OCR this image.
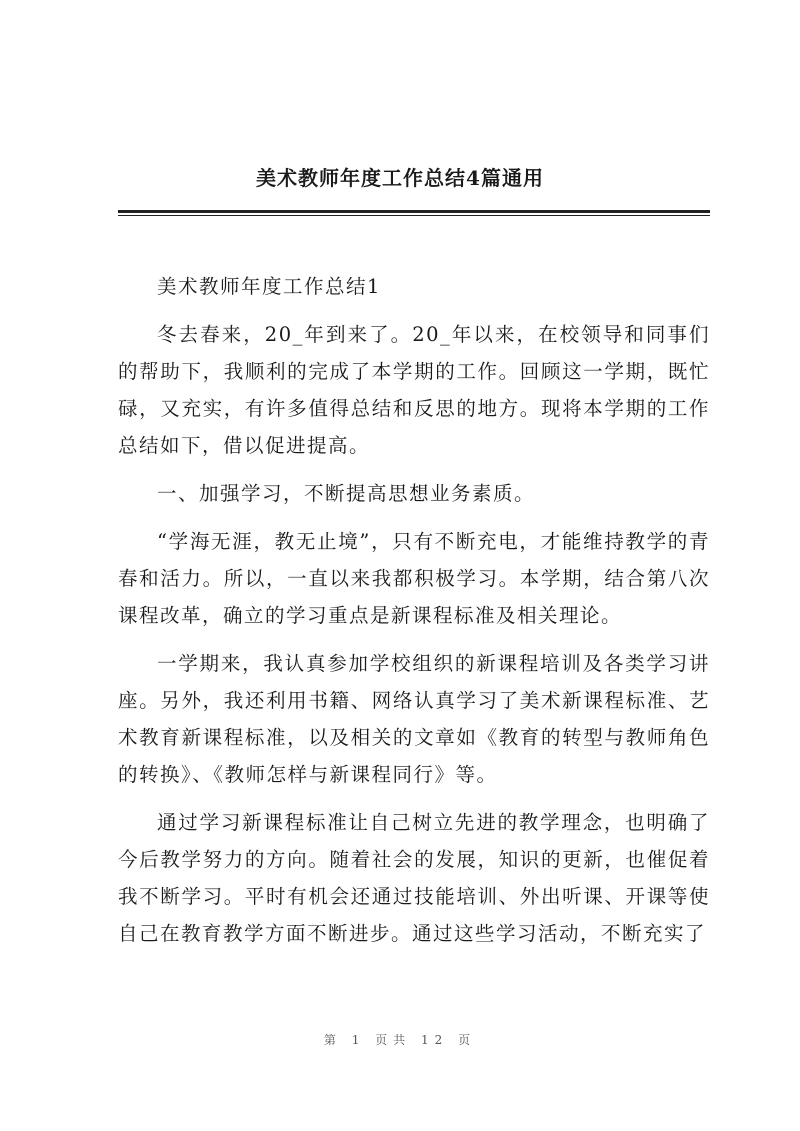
美术教师年度工作总结4篇通用

美术教师年度工作总结1

冬去春来，20_年到来了。20_年以来，在校领导和同事们的帮助下，我顺利的完成了本学期的工作。回顾这一学期，既忙碌，又充实，有许多值得总结和反思的地方。现将本学期的工作总结如下，借以促进提高。

一、加强学习，不断提高思想业务素质。

“学海无涯，教无止境”，只有不断充电，才能维持教学的青春和活力。所以，一直以来我都积极学习。本学期，结合第八次课程改革，确立的学习重点是新课程标准及相关理论。

一学期来，我认真参加学校组织的新课程培训及各类学习讲座。另外，我还利用书籍、网络认真学习了美术新课程标准、艺术教育新课程标准，以及相关的文章如《教育的转型与教师角色的转换》、《教师怎样与新课程同行》等。

通过学习新课程标准让自己树立先进的教学理念，也明确了今后教学努力的方向。随着社会的发展，知识的更新，也催促着我不断学习。平时有机会还通过技能培训、外出听课、开课等使自己在教育教学方面不断进步。通过这些学习活动，不断充实了

第 1 页共 12 页
